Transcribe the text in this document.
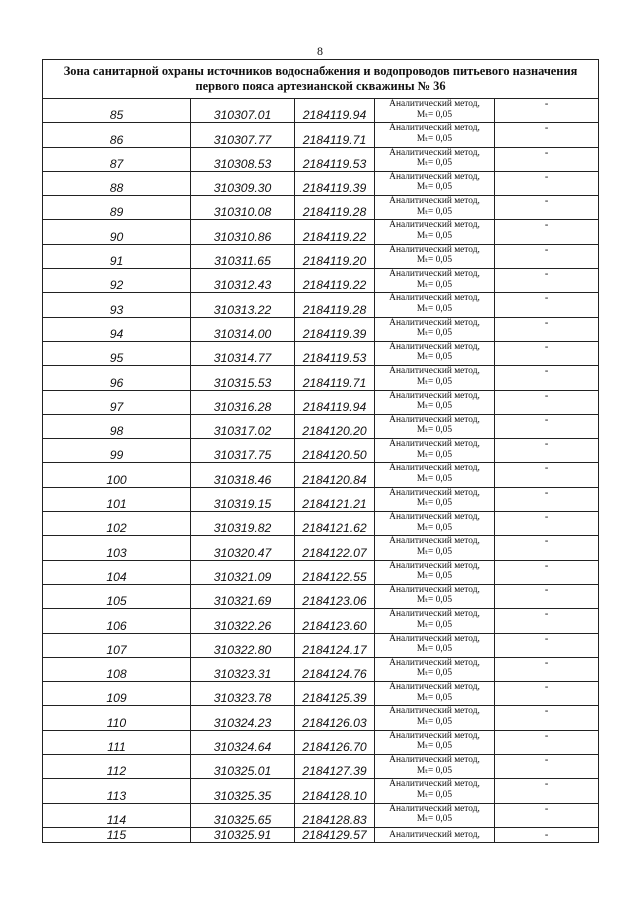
8
Зона санитарной охраны источников водоснабжения и водопроводов питьевого назначения первого пояса артезианской скважины № 36				
85	310307.01	2184119.94	Аналитический метод,
Mₜ= 0,05	-
86	310307.77	2184119.71	Аналитический метод,
Mₜ= 0,05	-
87	310308.53	2184119.53	Аналитический метод,
Mₜ= 0,05	-
88	310309.30	2184119.39	Аналитический метод,
Mₜ= 0,05	-
89	310310.08	2184119.28	Аналитический метод,
Mₜ= 0,05	-
90	310310.86	2184119.22	Аналитический метод,
Mₜ= 0,05	-
91	310311.65	2184119.20	Аналитический метод,
Mₜ= 0,05	-
92	310312.43	2184119.22	Аналитический метод,
Mₜ= 0,05	-
93	310313.22	2184119.28	Аналитический метод,
Mₜ= 0,05	-
94	310314.00	2184119.39	Аналитический метод,
Mₜ= 0,05	-
95	310314.77	2184119.53	Аналитический метод,
Mₜ= 0,05	-
96	310315.53	2184119.71	Аналитический метод,
Mₜ= 0,05	-
97	310316.28	2184119.94	Аналитический метод,
Mₜ= 0,05	-
98	310317.02	2184120.20	Аналитический метод,
Mₜ= 0,05	-
99	310317.75	2184120.50	Аналитический метод,
Mₜ= 0,05	-
100	310318.46	2184120.84	Аналитический метод,
Mₜ= 0,05	-
101	310319.15	2184121.21	Аналитический метод,
Mₜ= 0,05	-
102	310319.82	2184121.62	Аналитический метод,
Mₜ= 0,05	-
103	310320.47	2184122.07	Аналитический метод,
Mₜ= 0,05	-
104	310321.09	2184122.55	Аналитический метод,
Mₜ= 0,05	-
105	310321.69	2184123.06	Аналитический метод,
Mₜ= 0,05	-
106	310322.26	2184123.60	Аналитический метод,
Mₜ= 0,05	-
107	310322.80	2184124.17	Аналитический метод,
Mₜ= 0,05	-
108	310323.31	2184124.76	Аналитический метод,
Mₜ= 0,05	-
109	310323.78	2184125.39	Аналитический метод,
Mₜ= 0,05	-
110	310324.23	2184126.03	Аналитический метод,
Mₜ= 0,05	-
111	310324.64	2184126.70	Аналитический метод,
Mₜ= 0,05	-
112	310325.01	2184127.39	Аналитический метод,
Mₜ= 0,05	-
113	310325.35	2184128.10	Аналитический метод,
Mₜ= 0,05	-
114	310325.65	2184128.83	Аналитический метод,
Mₜ= 0,05	-
115	310325.91	2184129.57	Аналитический метод,	-
